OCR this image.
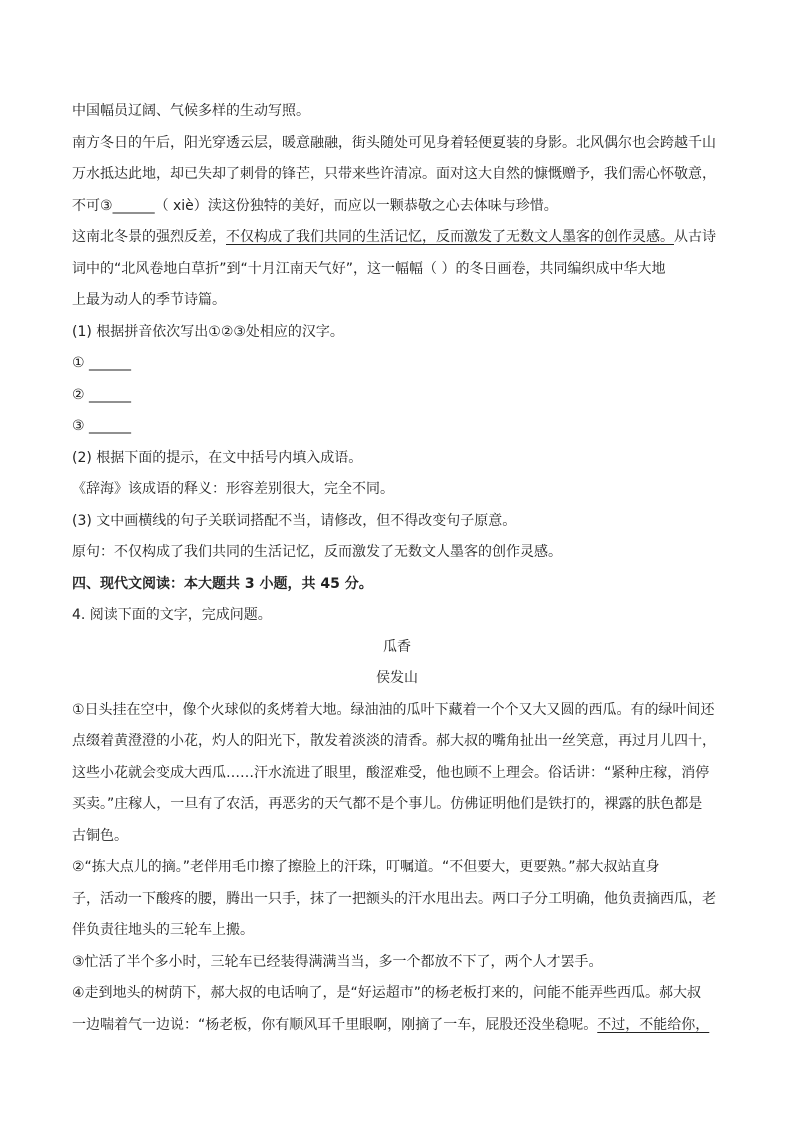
中国幅员辽阔、气候多样的生动写照。
南方冬日的午后，阳光穿透云层，暖意融融，街头随处可见身着轻便夏装的身影。北风偶尔也会跨越千山
万水抵达此地，却已失却了刺骨的锋芒，只带来些许清凉。面对这大自然的慷慨赠予，我们需心怀敬意，
不可③______（ xiè）渎这份独特的美好，而应以一颗恭敬之心去体味与珍惜。
这南北冬景的强烈反差，不仅构成了我们共同的生活记忆，反而激发了无数文人墨客的创作灵感。从古诗
词中的“北风卷地白草折”到“十月江南天气好”，这一幅幅（ ）的冬日画卷，共同编织成中华大地
上最为动人的季节诗篇。
(1) 根据拼音依次写出①②③处相应的汉字。
① ______
② ______
③ ______
(2) 根据下面的提示，在文中括号内填入成语。
《辞海》该成语的释义：形容差别很大，完全不同。
(3) 文中画横线的句子关联词搭配不当，请修改，但不得改变句子原意。
原句：不仅构成了我们共同的生活记忆，反而激发了无数文人墨客的创作灵感。
四、现代文阅读：本大题共 3 小题，共 45 分。
4. 阅读下面的文字，完成问题。
瓜香
侯发山
①日头挂在空中，像个火球似的炙烤着大地。绿油油的瓜叶下藏着一个个又大又圆的西瓜。有的绿叶间还
点缀着黄澄澄的小花，灼人的阳光下，散发着淡淡的清香。郝大叔的嘴角扯出一丝笑意，再过月儿四十，
这些小花就会变成大西瓜……汗水流进了眼里，酸涩难受，他也顾不上理会。俗话讲：“紧种庄稼，消停
买卖。”庄稼人，一旦有了农活，再恶劣的天气都不是个事儿。仿佛证明他们是铁打的，裸露的肤色都是
古铜色。
②“拣大点儿的摘。”老伴用毛巾擦了擦脸上的汗珠，叮嘱道。“不但要大，更要熟。”郝大叔站直身
子，活动一下酸疼的腰，腾出一只手，抹了一把额头的汗水甩出去。两口子分工明确，他负责摘西瓜，老
伴负责往地头的三轮车上搬。
③忙活了半个多小时，三轮车已经装得满满当当，多一个都放不下了，两个人才罢手。
④走到地头的树荫下，郝大叔的电话响了，是“好运超市”的杨老板打来的，问能不能弄些西瓜。郝大叔
一边喘着气一边说：“杨老板，你有顺风耳千里眼啊，刚摘了一车，屁股还没坐稳呢。不过，不能给你，
